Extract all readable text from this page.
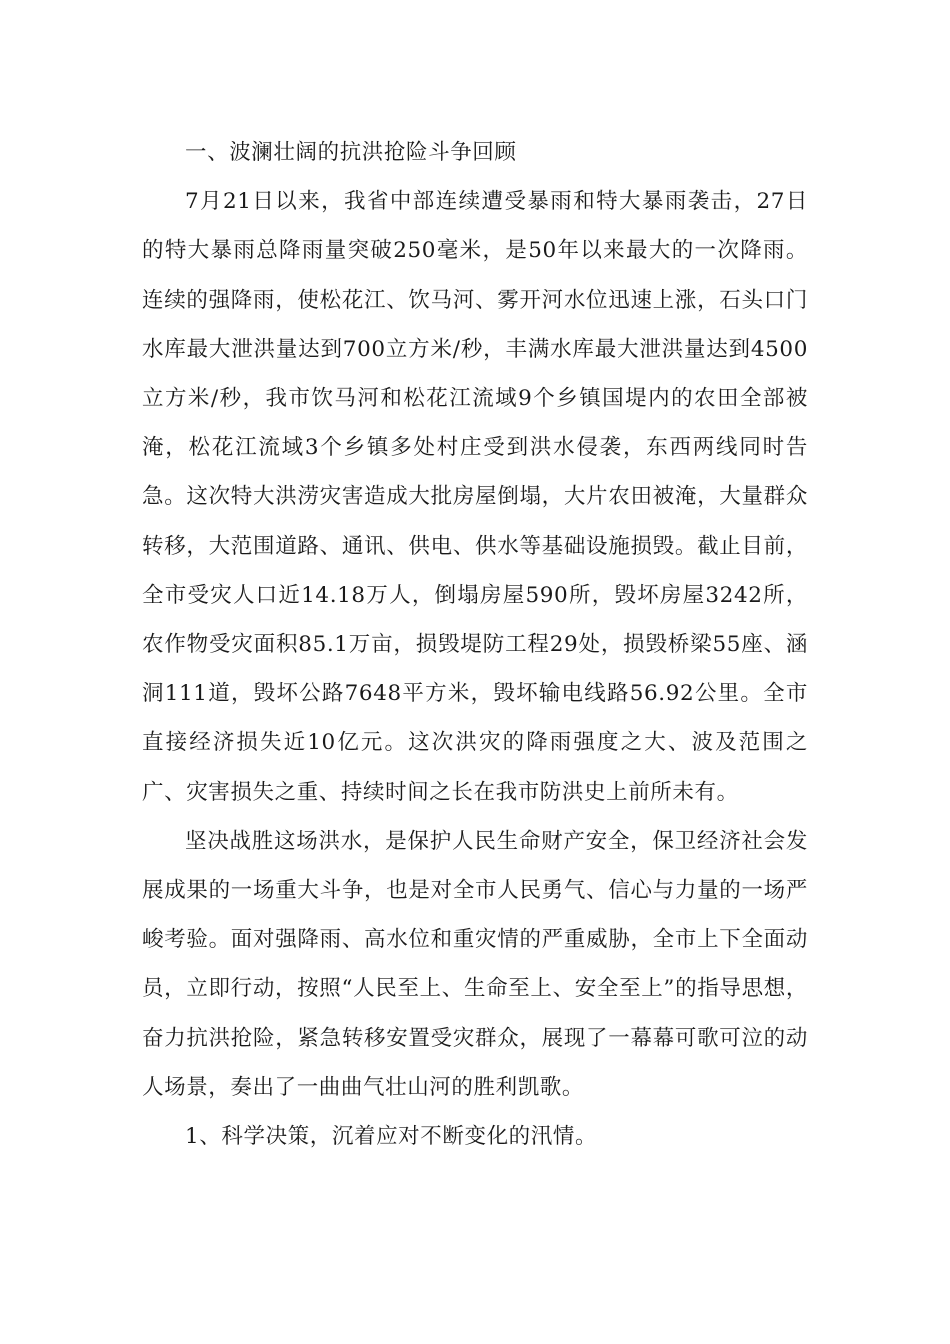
一、波澜壮阔的抗洪抢险斗争回顾

7月21日以来，我省中部连续遭受暴雨和特大暴雨袭击，27日的特大暴雨总降雨量突破250毫米，是50年以来最大的一次降雨。连续的强降雨，使松花江、饮马河、雾开河水位迅速上涨，石头口门水库最大泄洪量达到700立方米/秒，丰满水库最大泄洪量达到4500立方米/秒，我市饮马河和松花江流域9个乡镇国堤内的农田全部被淹，松花江流域3个乡镇多处村庄受到洪水侵袭，东西两线同时告急。这次特大洪涝灾害造成大批房屋倒塌，大片农田被淹，大量群众转移，大范围道路、通讯、供电、供水等基础设施损毁。截止目前，全市受灾人口近14.18万人，倒塌房屋590所，毁坏房屋3242所，农作物受灾面积85.1万亩，损毁堤防工程29处，损毁桥梁55座、涵洞111道，毁坏公路7648平方米，毁坏输电线路56.92公里。全市直接经济损失近10亿元。这次洪灾的降雨强度之大、波及范围之广、灾害损失之重、持续时间之长在我市防洪史上前所未有。

坚决战胜这场洪水，是保护人民生命财产安全，保卫经济社会发展成果的一场重大斗争，也是对全市人民勇气、信心与力量的一场严峻考验。面对强降雨、高水位和重灾情的严重威胁，全市上下全面动员，立即行动，按照“人民至上、生命至上、安全至上”的指导思想，奋力抗洪抢险，紧急转移安置受灾群众，展现了一幕幕可歌可泣的动人场景，奏出了一曲曲气壮山河的胜利凯歌。

1、科学决策，沉着应对不断变化的汛情。
